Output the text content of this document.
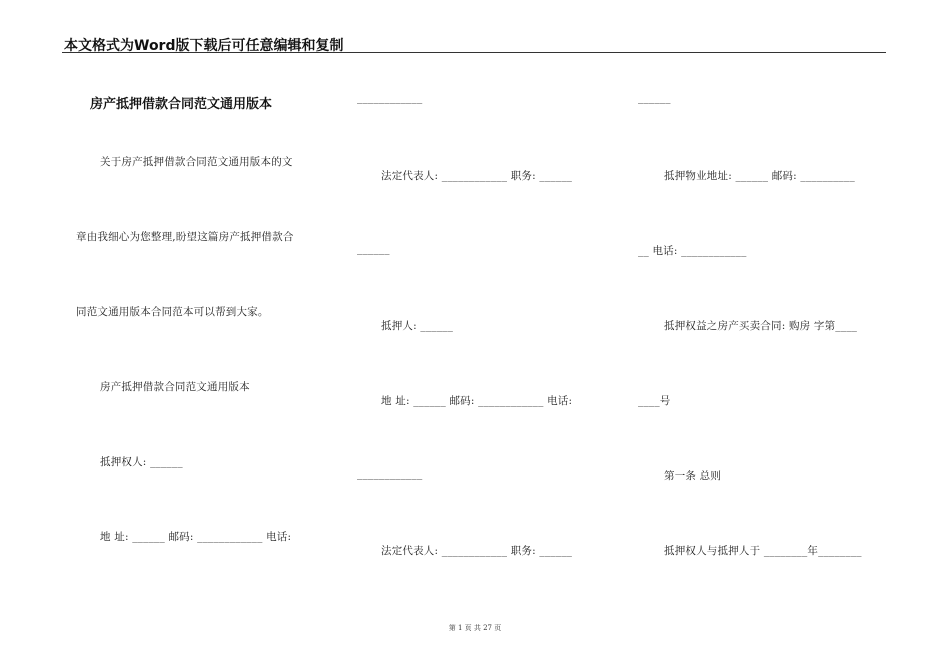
本文格式为Word版下载后可任意编辑和复制
房产抵押借款合同范文通用版本
关于房产抵押借款合同范文通用版本的文
章由我细心为您整理,盼望这篇房产抵押借款合
同范文通用版本合同范本可以帮到大家。
房产抵押借款合同范文通用版本
抵押权人: ______
地 址: ______ 邮码: ____________ 电话:
____________
法定代表人: ____________ 职务: ______
______
抵押人: ______
地 址: ______ 邮码: ____________ 电话:
____________
法定代表人: ____________ 职务: ______
______
抵押物业地址: ______ 邮码: __________
__ 电话: ____________
抵押权益之房产买卖合同: 购房 字第____
____号
第一条 总则
抵押权人与抵押人于 ________年________
第 1 页 共 27 页
